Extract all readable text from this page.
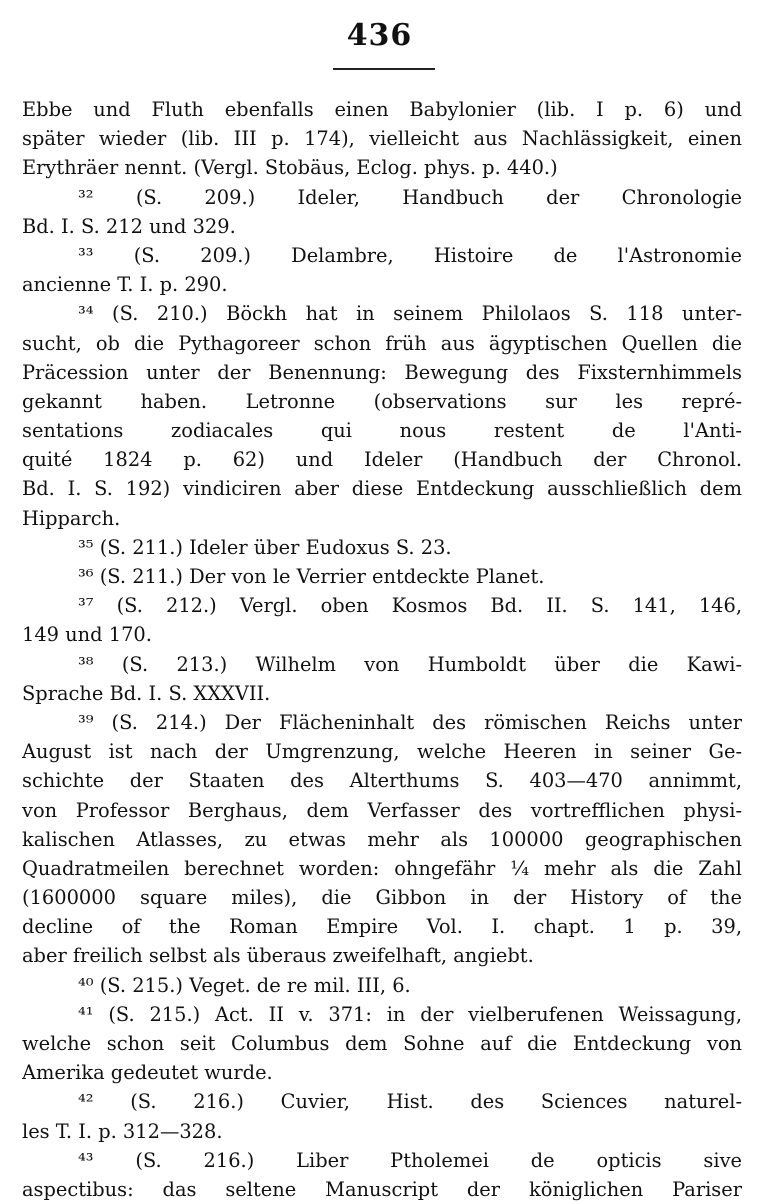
436
Ebbe und Fluth ebenfalls einen Babylonier (lib. I p. 6) und
später wieder (lib. III p. 174), vielleicht aus Nachlässigkeit, einen
Erythräer nennt. (Vergl. Stobäus, Eclog. phys. p. 440.)
³² (S. 209.) Ideler, Handbuch der Chronologie
Bd. I. S. 212 und 329.
³³ (S. 209.) Delambre, Histoire de l'Astronomie
ancienne T. I. p. 290.
³⁴ (S. 210.) Böckh hat in seinem Philolaos S. 118 unter-
sucht, ob die Pythagoreer schon früh aus ägyptischen Quellen die
Präcession unter der Benennung: Bewegung des Fixsternhimmels
gekannt haben. Letronne (observations sur les repré-
sentations zodiacales qui nous restent de l'Anti-
quité 1824 p. 62) und Ideler (Handbuch der Chronol.
Bd. I. S. 192) vindiciren aber diese Entdeckung ausschließlich dem
Hipparch.
³⁵ (S. 211.) Ideler über Eudoxus S. 23.
³⁶ (S. 211.) Der von le Verrier entdeckte Planet.
³⁷ (S. 212.) Vergl. oben Kosmos Bd. II. S. 141, 146,
149 und 170.
³⁸ (S. 213.) Wilhelm von Humboldt über die Kawi-
Sprache Bd. I. S. XXXVII.
³⁹ (S. 214.) Der Flächeninhalt des römischen Reichs unter
August ist nach der Umgrenzung, welche Heeren in seiner Ge-
schichte der Staaten des Alterthums S. 403—470 annimmt,
von Professor Berghaus, dem Verfasser des vortrefflichen physi-
kalischen Atlasses, zu etwas mehr als 100000 geographischen
Quadratmeilen berechnet worden: ohngefähr ¼ mehr als die Zahl
(1600000 square miles), die Gibbon in der History of the
decline of the Roman Empire Vol. I. chapt. 1 p. 39,
aber freilich selbst als überaus zweifelhaft, angiebt.
⁴⁰ (S. 215.) Veget. de re mil. III, 6.
⁴¹ (S. 215.) Act. II v. 371: in der vielberufenen Weissagung,
welche schon seit Columbus dem Sohne auf die Entdeckung von
Amerika gedeutet wurde.
⁴² (S. 216.) Cuvier, Hist. des Sciences naturel-
les T. I. p. 312—328.
⁴³ (S. 216.) Liber Ptholemei de opticis sive
aspectibus: das seltene Manuscript der königlichen Pariser
